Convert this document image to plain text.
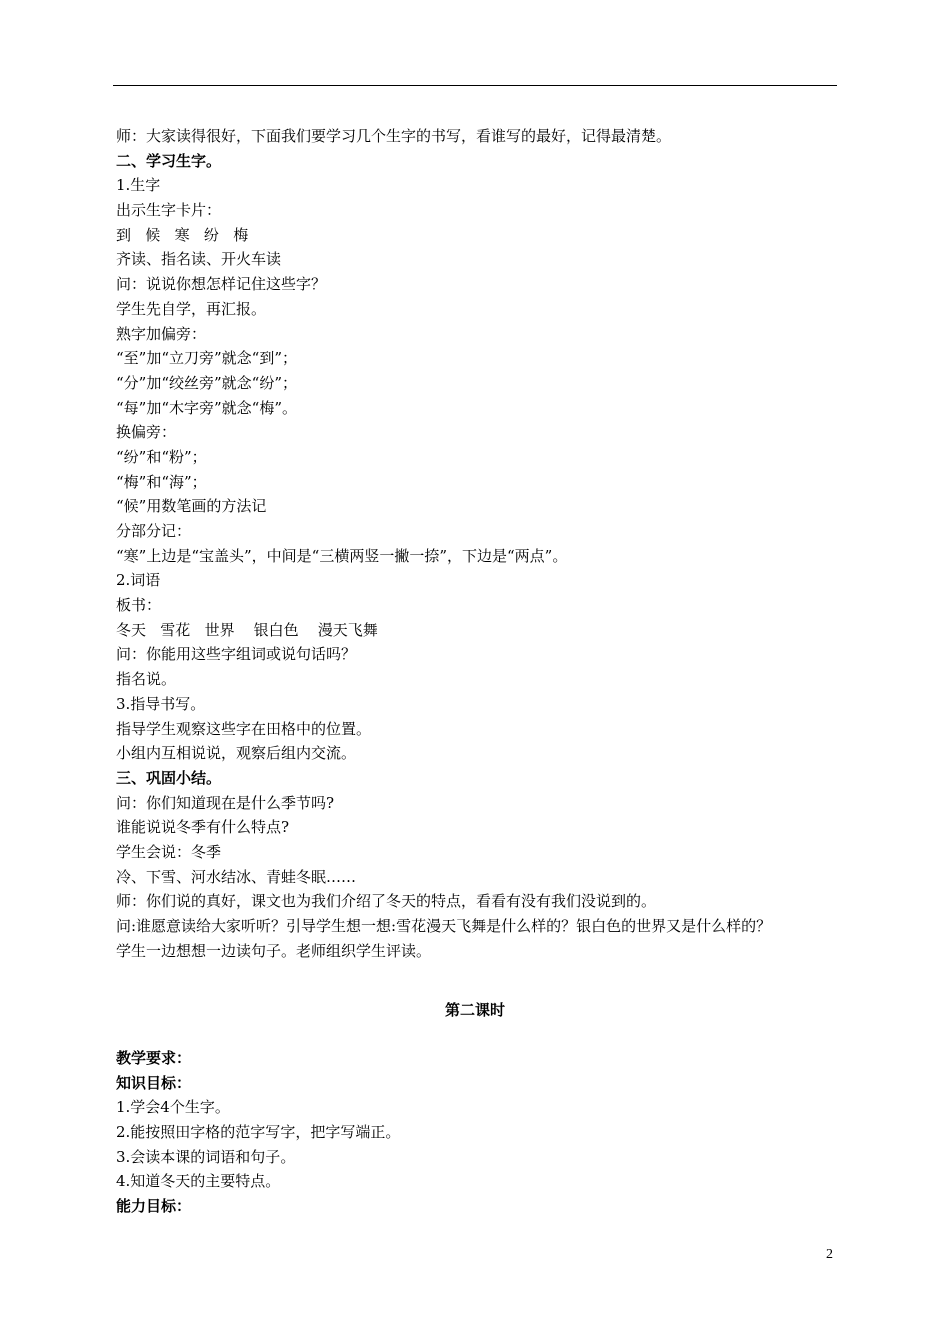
师：大家读得很好，下面我们要学习几个生字的书写，看谁写的最好，记得最清楚。
二、学习生字。
1.生字
出示生字卡片：
到   候   寒   纷   梅
齐读、指名读、开火车读
问：说说你想怎样记住这些字？
学生先自学，再汇报。
熟字加偏旁：
“至”加“立刀旁”就念“到”；
“分”加“绞丝旁”就念“纷”；
“每”加“木字旁”就念“梅”。
换偏旁：
“纷”和“粉”；
“梅”和“海”；
“候”用数笔画的方法记
分部分记：
“寒”上边是“宝盖头”，中间是“三横两竖一撇一捺”，下边是“两点”。
2.词语
板书：
冬天   雪花   世界    银白色    漫天飞舞
问：你能用这些字组词或说句话吗？
指名说。
3.指导书写。
指导学生观察这些字在田格中的位置。
小组内互相说说，观察后组内交流。
三、巩固小结。
问：你们知道现在是什么季节吗?
谁能说说冬季有什么特点?
学生会说：冬季
冷、下雪、河水结冰、青蛙冬眠……
师：你们说的真好，课文也为我们介绍了冬天的特点，看看有没有我们没说到的。
问:谁愿意读给大家听听？引导学生想一想:雪花漫天飞舞是什么样的？银白色的世界又是什么样的？
学生一边想想一边读句子。老师组织学生评读。
第二课时
教学要求：
知识目标：
1.学会4个生字。
2.能按照田字格的范字写字，把字写端正。
3.会读本课的词语和句子。
4.知道冬天的主要特点。
能力目标：
2
